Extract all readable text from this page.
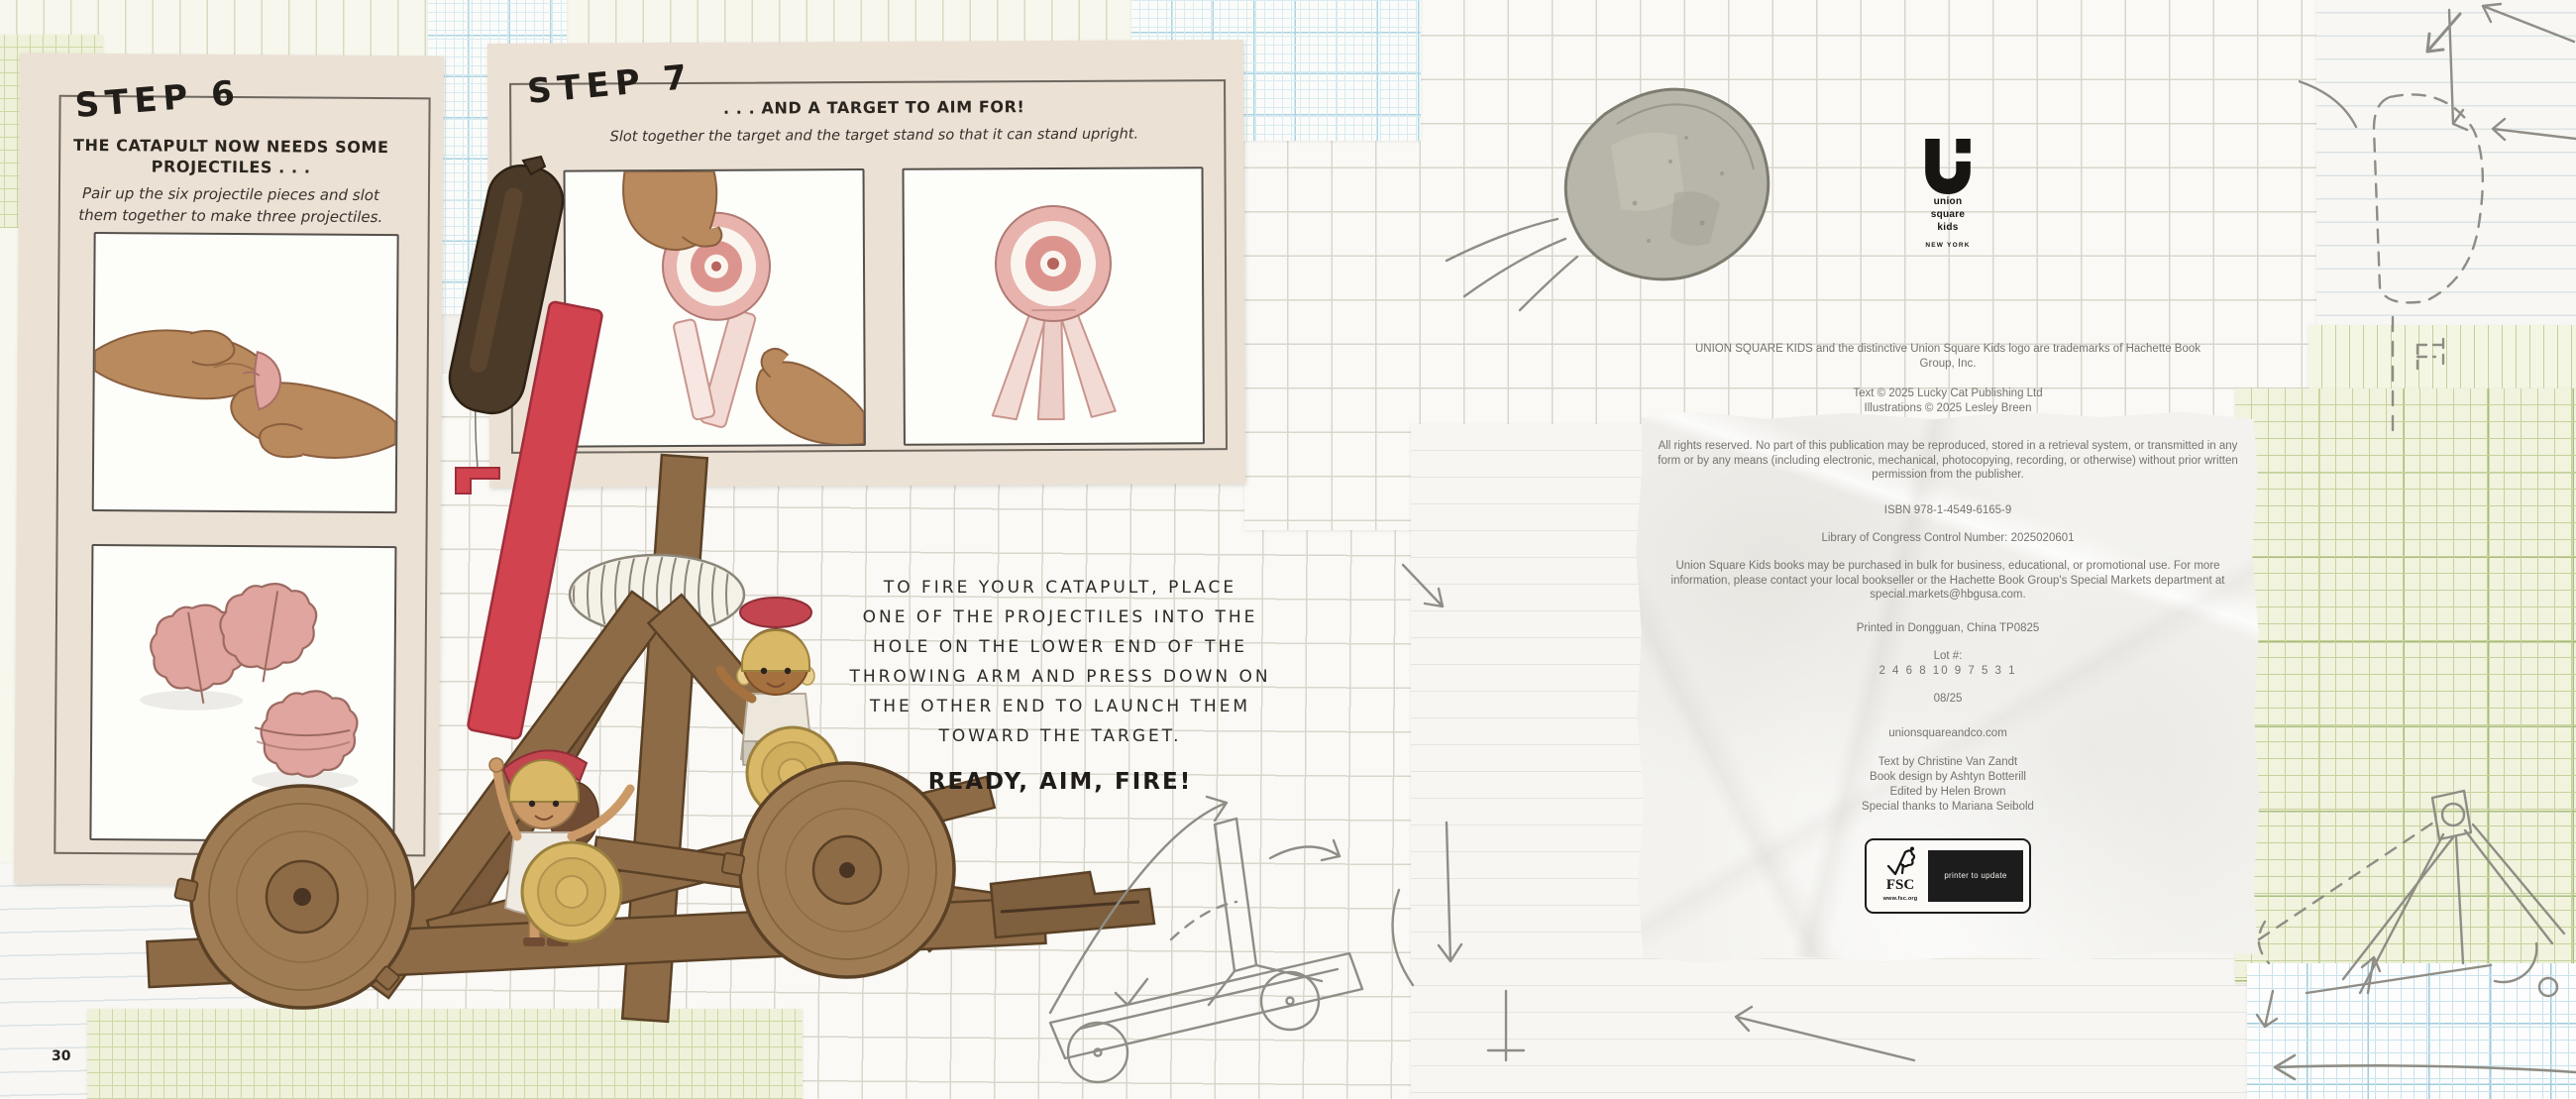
STEP 6
THE CATAPULT NOW NEEDS SOME
PROJECTILES . . .
Pair up the six projectile pieces and slot
them together to make three projectiles.
STEP 7	. . . AND A TARGET TO AIM FOR!
Slot together the target and the target stand so that it can stand upright.
TO FIRE YOUR CATAPULT, PLACE
ONE OF THE PROJECTILES INTO THE
HOLE ON THE LOWER END OF THE
THROWING ARM AND PRESS DOWN ON
THE OTHER END TO LAUNCH THEM
TOWARD THE TARGET.
READY, AIM, FIRE!
30
union
square
kids
NEW YORK
UNION SQUARE KIDS and the distinctive Union Square Kids logo are trademarks of Hachette Book Group, Inc.
Text © 2025 Lucky Cat Publishing Ltd
Illustrations © 2025 Lesley Breen
All rights reserved. No part of this publication may be reproduced, stored in a retrieval system, or transmitted in any form or by any means (including electronic, mechanical, photocopying, recording, or otherwise) without prior written permission from the publisher.
ISBN 978-1-4549-6165-9
Library of Congress Control Number: 2025020601
Union Square Kids books may be purchased in bulk for business, educational, or promotional use. For more information, please contact your local bookseller or the Hachette Book Group's Special Markets department at special.markets@hbgusa.com.
Printed in Dongguan, China TP0825
Lot #:
2 4 6 8 10 9 7 5 3 1
08/25
unionsquareandco.com
Text by Christine Van Zandt
Book design by Ashtyn Botterill
Edited by Helen Brown
Special thanks to Mariana Seibold
FSC
www.fsc.org
printer to update
